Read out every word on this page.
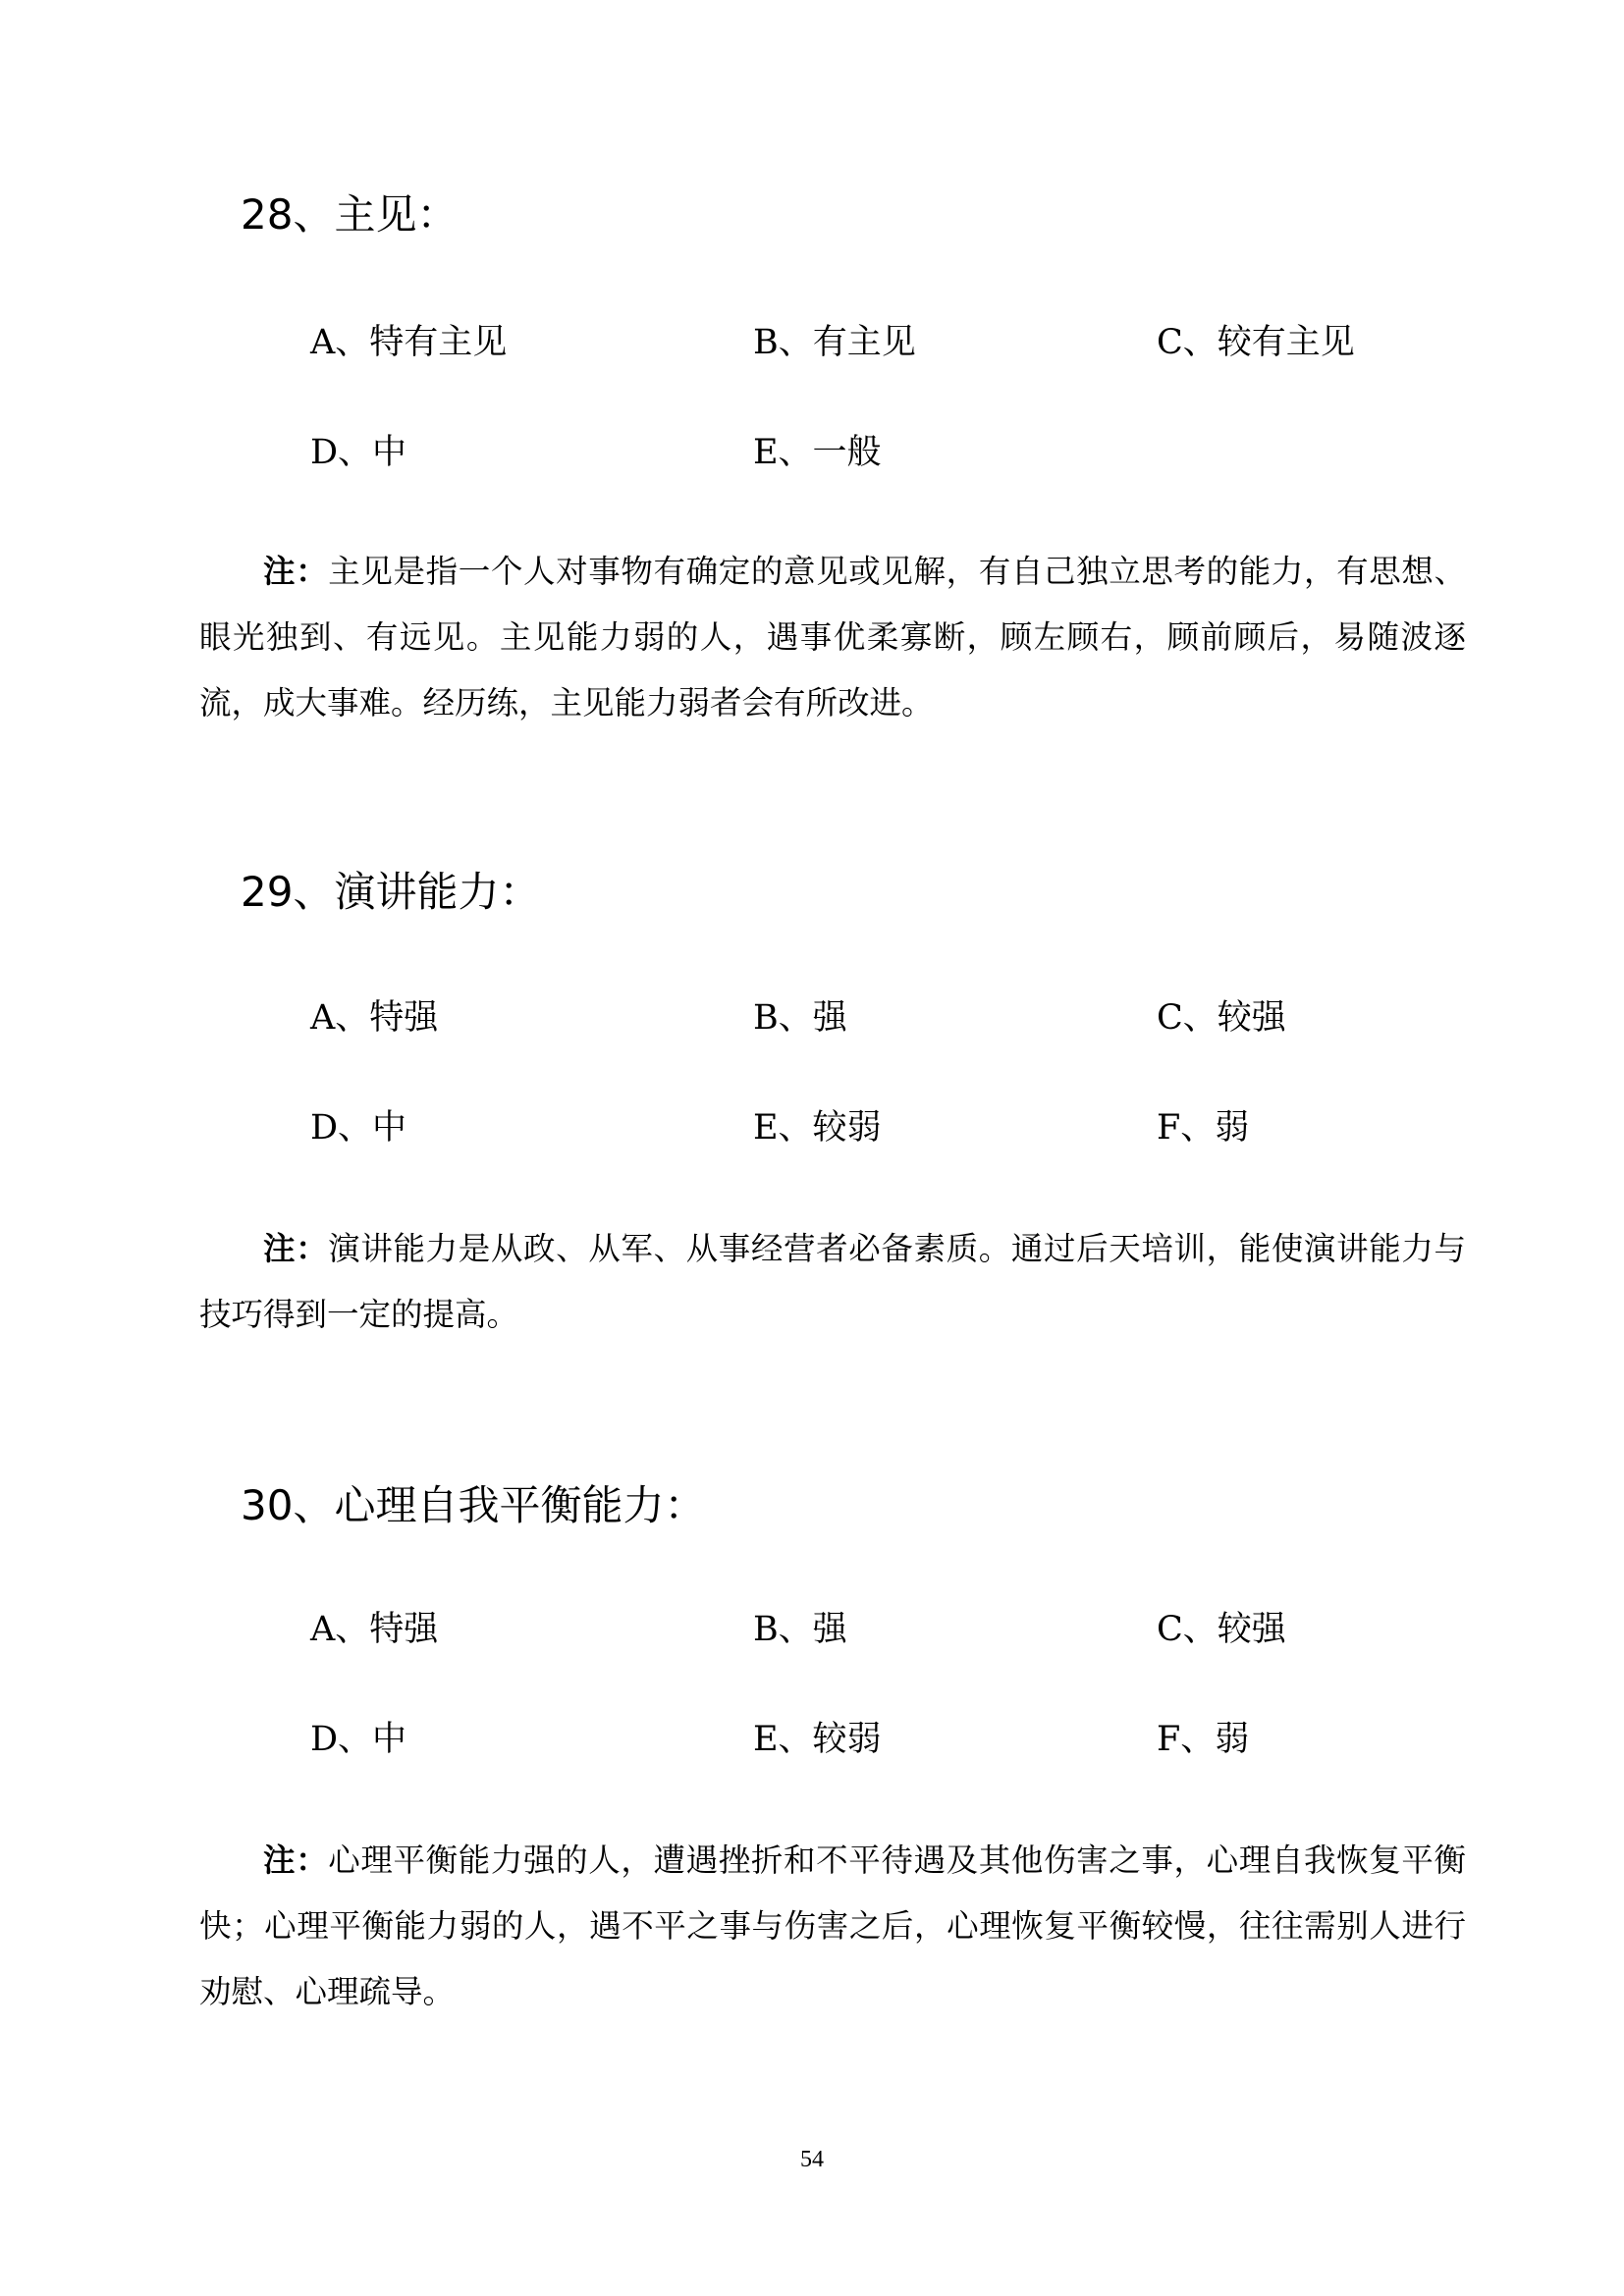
28、主见：
A、特有主见	B、有主见	C、较有主见
D、中	E、一般

注：主见是指一个人对事物有确定的意见或见解，有自己独立思考的能力，有思想、眼光独到、有远见。主见能力弱的人，遇事优柔寡断，顾左顾右，顾前顾后，易随波逐流，成大事难。经历练，主见能力弱者会有所改进。

29、演讲能力：
A、特强	B、强	C、较强
D、中	E、较弱	F、弱

注：演讲能力是从政、从军、从事经营者必备素质。通过后天培训，能使演讲能力与技巧得到一定的提高。

30、心理自我平衡能力：
A、特强	B、强	C、较强
D、中	E、较弱	F、弱

注：心理平衡能力强的人，遭遇挫折和不平待遇及其他伤害之事，心理自我恢复平衡快；心理平衡能力弱的人，遇不平之事与伤害之后，心理恢复平衡较慢，往往需别人进行劝慰、心理疏导。

54
